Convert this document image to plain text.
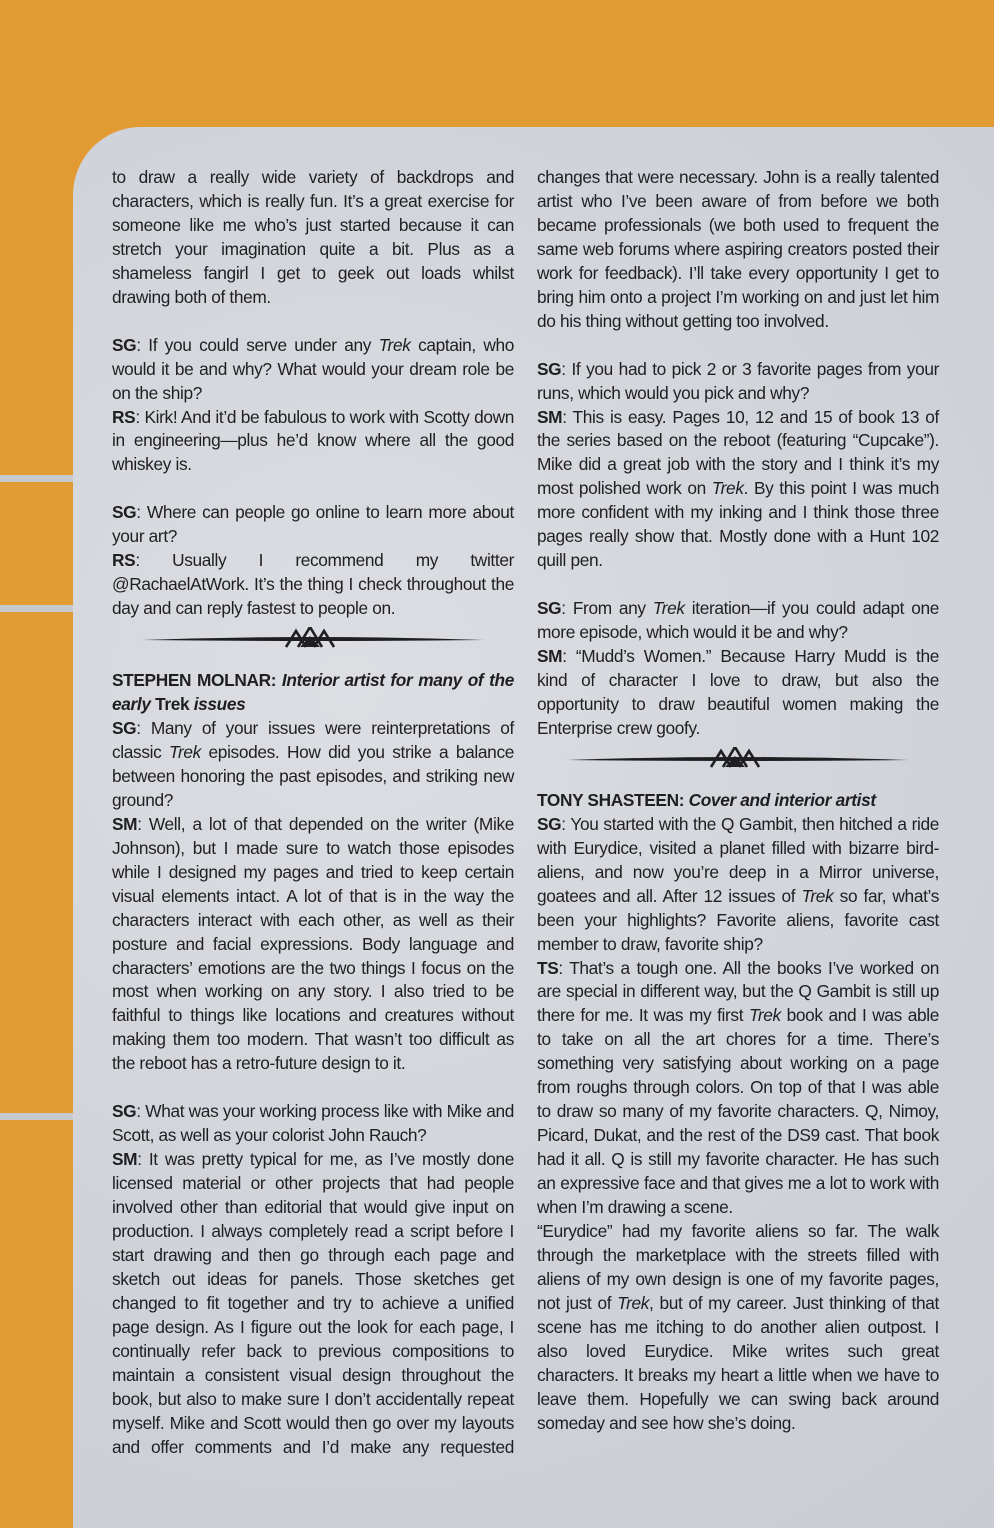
to draw a really wide variety of backdrops and characters, which is really fun. It’s a great exercise for someone like me who’s just started because it can stretch your imagination quite a bit. Plus as a shameless fangirl I get to geek out loads whilst drawing both of them.

SG: If you could serve under any Trek captain, who would it be and why? What would your dream role be on the ship?

RS: Kirk! And it’d be fabulous to work with Scotty down in engineering—plus he’d know where all the good whiskey is.

SG: Where can people go online to learn more about your art?

RS: Usually I recommend my twitter @RachaelAtWork. It’s the thing I check throughout the day and can reply fastest to people on.

STEPHEN MOLNAR: Interior artist for many of the early Trek issues

SG: Many of your issues were reinterpretations of classic Trek episodes. How did you strike a balance between honoring the past episodes, and striking new ground?

SM: Well, a lot of that depended on the writer (Mike Johnson), but I made sure to watch those episodes while I designed my pages and tried to keep certain visual elements intact. A lot of that is in the way the characters interact with each other, as well as their posture and facial expressions. Body language and characters’ emotions are the two things I focus on the most when working on any story. I also tried to be faithful to things like locations and creatures without making them too modern. That wasn’t too difficult as the reboot has a retro-future design to it.

SG: What was your working process like with Mike and Scott, as well as your colorist John Rauch?

SM: It was pretty typical for me, as I’ve mostly done licensed material or other projects that had people involved other than editorial that would give input on production. I always completely read a script before I start drawing and then go through each page and sketch out ideas for panels. Those sketches get changed to fit together and try to achieve a unified page design. As I figure out the look for each page, I continually refer back to previous compositions to maintain a consistent visual design throughout the book, but also to make sure I don’t accidentally repeat myself. Mike and Scott would then go over my layouts and offer comments and I’d make any requested

changes that were necessary. John is a really talented artist who I’ve been aware of from before we both became professionals (we both used to frequent the same web forums where aspiring creators posted their work for feedback). I’ll take every opportunity I get to bring him onto a project I’m working on and just let him do his thing without getting too involved.

SG: If you had to pick 2 or 3 favorite pages from your runs, which would you pick and why?

SM: This is easy. Pages 10, 12 and 15 of book 13 of the series based on the reboot (featuring “Cupcake”). Mike did a great job with the story and I think it’s my most polished work on Trek. By this point I was much more confident with my inking and I think those three pages really show that. Mostly done with a Hunt 102 quill pen.

SG: From any Trek iteration—if you could adapt one more episode, which would it be and why?

SM: “Mudd’s Women.” Because Harry Mudd is the kind of character I love to draw, but also the opportunity to draw beautiful women making the Enterprise crew goofy.

TONY SHASTEEN: Cover and interior artist

SG: You started with the Q Gambit, then hitched a ride with Eurydice, visited a planet filled with bizarre bird-aliens, and now you’re deep in a Mirror universe, goatees and all. After 12 issues of Trek so far, what’s been your highlights? Favorite aliens, favorite cast member to draw, favorite ship?

TS: That’s a tough one. All the books I’ve worked on are special in different way, but the Q Gambit is still up there for me. It was my first Trek book and I was able to take on all the art chores for a time. There’s something very satisfying about working on a page from roughs through colors. On top of that I was able to draw so many of my favorite characters. Q, Nimoy, Picard, Dukat, and the rest of the DS9 cast. That book had it all. Q is still my favorite character. He has such an expressive face and that gives me a lot to work with when I’m drawing a scene.

“Eurydice” had my favorite aliens so far. The walk through the marketplace with the streets filled with aliens of my own design is one of my favorite pages, not just of Trek, but of my career. Just thinking of that scene has me itching to do another alien outpost. I also loved Eurydice. Mike writes such great characters. It breaks my heart a little when we have to leave them. Hopefully we can swing back around someday and see how she’s doing.
